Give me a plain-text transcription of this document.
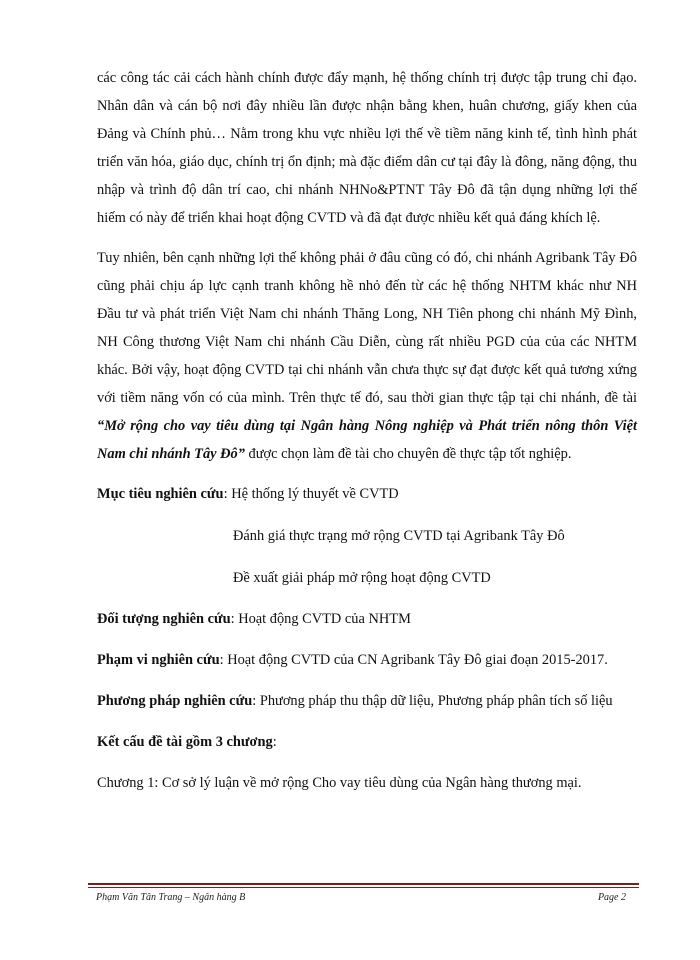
các công tác cải cách hành chính được đẩy mạnh, hệ thống chính trị được tập trung chỉ đạo. Nhân dân và cán bộ nơi đây nhiều lần được nhận bằng khen, huân chương, giấy khen của Đảng và Chính phủ… Nằm trong khu vực nhiều lợi thế về tiềm năng kinh tế, tình hình phát triển văn hóa, giáo dục, chính trị ổn định; mà đặc điểm dân cư tại đây là đông, năng động, thu nhập và trình độ dân trí cao, chi nhánh NHNo&PTNT Tây Đô đã tận dụng những lợi thế hiếm có này để triển khai hoạt động CVTD và đã đạt được nhiều kết quả đáng khích lệ.

Tuy nhiên, bên cạnh những lợi thế không phải ở đâu cũng có đó, chi nhánh Agribank Tây Đô cũng phải chịu áp lực cạnh tranh không hề nhỏ đến từ các hệ thống NHTM khác như NH Đầu tư và phát triển Việt Nam chi nhánh Thăng Long, NH Tiên phong chi nhánh Mỹ Đình, NH Công thương Việt Nam chi nhánh Cầu Diễn, cùng rất nhiều PGD của của các NHTM khác. Bởi vậy, hoạt động CVTD tại chi nhánh vẫn chưa thực sự đạt được kết quả tương xứng với tiềm năng vốn có của mình. Trên thực tế đó, sau thời gian thực tập tại chi nhánh, đề tài “Mở rộng cho vay tiêu dùng tại Ngân hàng Nông nghiệp và Phát triển nông thôn Việt Nam chi nhánh Tây Đô” được chọn làm đề tài cho chuyên đề thực tập tốt nghiệp.

Mục tiêu nghiên cứu: Hệ thống lý thuyết về CVTD

Đánh giá thực trạng mở rộng CVTD tại Agribank Tây Đô

Đề xuất giải pháp mở rộng hoạt động CVTD

Đối tượng nghiên cứu: Hoạt động CVTD của NHTM

Phạm vi nghiên cứu: Hoạt động CVTD của CN Agribank Tây Đô giai đoạn 2015-2017.

Phương pháp nghiên cứu: Phương pháp thu thập dữ liệu, Phương pháp phân tích số liệu

Kết cấu đề tài gồm 3 chương:

Chương 1: Cơ sở lý luận về mở rộng Cho vay tiêu dùng của Ngân hàng thương mại.

Phạm Văn Tân Trang – Ngân hàng B	Page 2
